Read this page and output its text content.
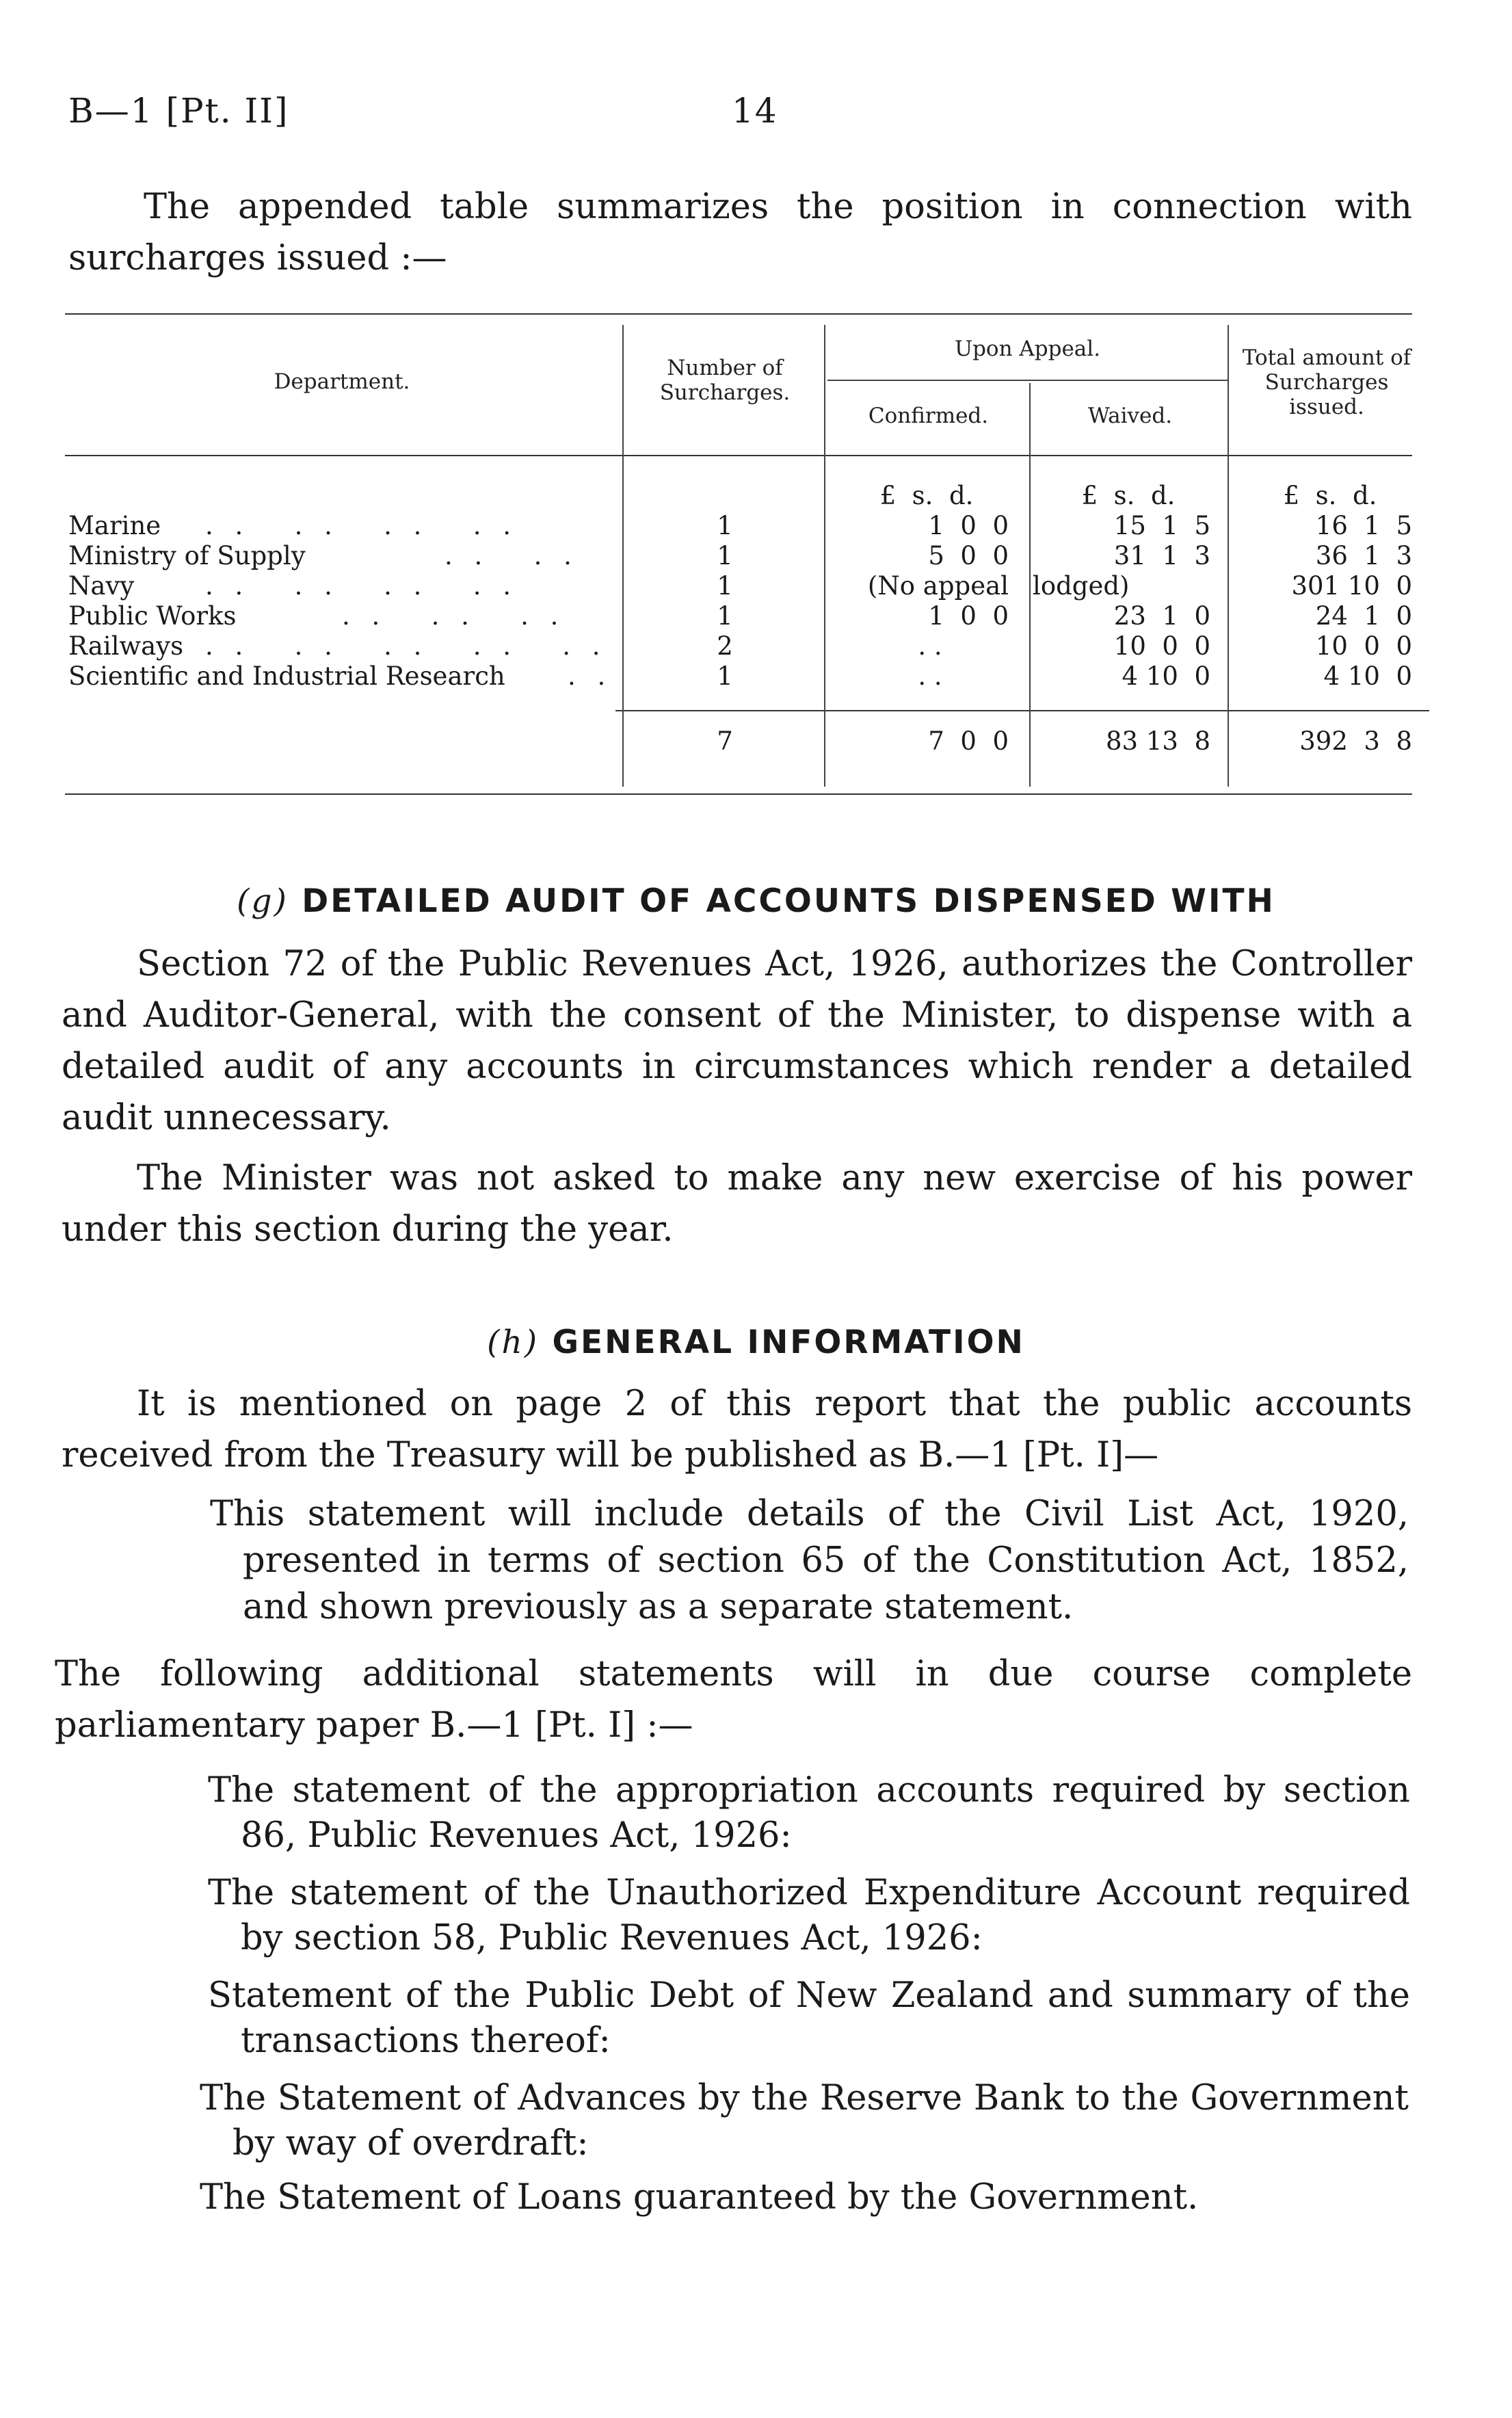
B—1 [Pt. II]	14
The appended table summarizes the position in connection with surcharges issued :—
Department.
Number of Surcharges.
Upon Appeal.
Confirmed.	Waived.
Total amount of Surcharges issued.
£  s.  d.	£  s.  d.	£  s.  d.
Marine . .   . .   . .   . .	1	1  0  0	15  1  5	16  1  5
Ministry of Supply	. .   . .	1	5  0  0	31  1  3	36  1  3
Navy	. .   . .   . .   . .	1	(No appeal lodged)	301 10  0
Public Works	. .   . .   . .	1	1  0  0	23  1  0	24  1  0
Railways . .   . .   . .   . .   . .	2	. .	10  0  0	10  0  0
Scientific and Industrial Research . .	1	. .	4 10  0	4 10  0
7	7  0  0	83 13  8	392  3  8
(g) DETAILED AUDIT OF ACCOUNTS DISPENSED WITH
Section 72 of the Public Revenues Act, 1926, authorizes the Controller and Auditor-General, with the consent of the Minister, to dispense with a detailed audit of any accounts in circumstances which render a detailed audit unnecessary.
The Minister was not asked to make any new exercise of his power under this section during the year.
(h) GENERAL INFORMATION
It is mentioned on page 2 of this report that the public accounts received from the Treasury will be published as B.—1 [Pt. I]—
This statement will include details of the Civil List Act, 1920, presented in terms of section 65 of the Constitution Act, 1852, and shown previously as a separate statement.
The following additional statements will in due course complete parliamentary paper B.—1 [Pt. I] :—
The statement of the appropriation accounts required by section 86, Public Revenues Act, 1926:
The statement of the Unauthorized Expenditure Account required by section 58, Public Revenues Act, 1926:
Statement of the Public Debt of New Zealand and summary of the transactions thereof:
The Statement of Advances by the Reserve Bank to the Government by way of overdraft:
The Statement of Loans guaranteed by the Government.
